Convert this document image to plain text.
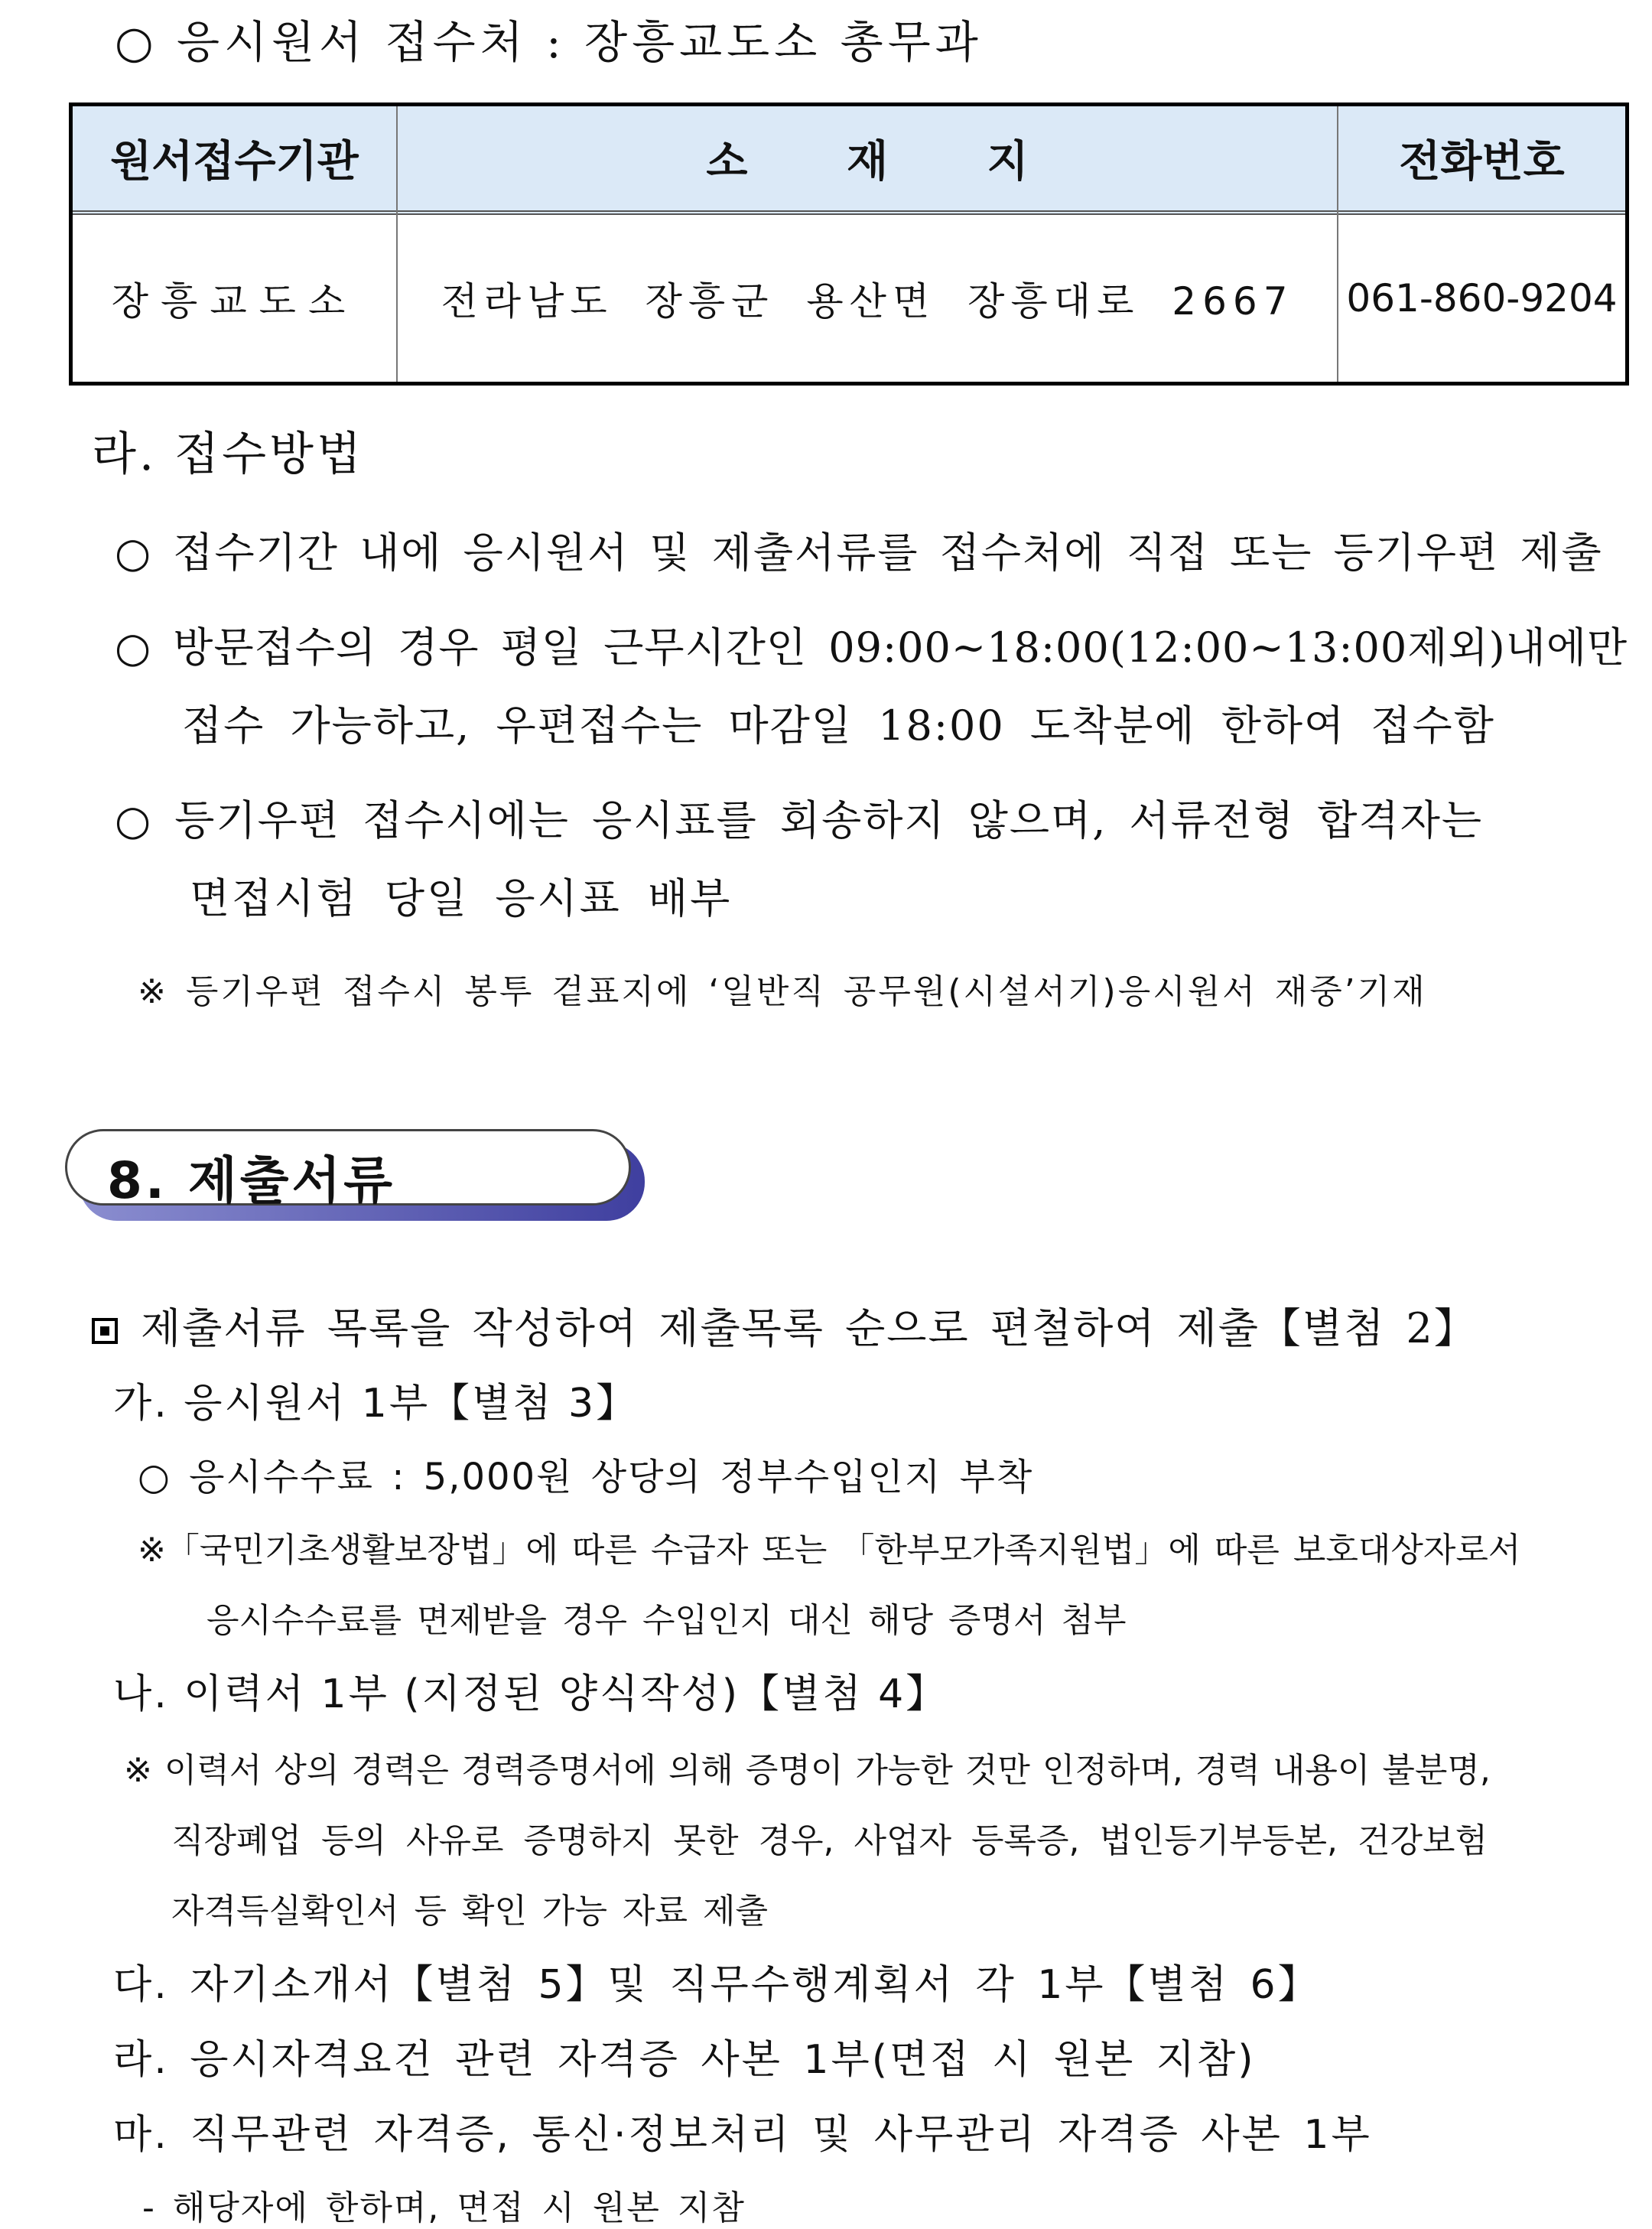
○ 응시원서 접수처 : 장흥교도소 총무과
원서접수기관	소 재 지	전화번호
장흥교도소	전라남도 장흥군 용산면 장흥대로 2667	061-860-9204
라. 접수방법
○ 접수기간 내에 응시원서 및 제출서류를 접수처에 직접 또는 등기우편 제출
○ 방문접수의 경우 평일 근무시간인 09:00~18:00(12:00~13:00제외)내에만
접수 가능하고, 우편접수는 마감일 18:00 도착분에 한하여 접수함
○ 등기우편 접수시에는 응시표를 회송하지 않으며, 서류전형 합격자는
면접시험 당일 응시표 배부
※ 등기우편 접수시 봉투 겉표지에 ‘일반직 공무원(시설서기)응시원서 재중’기재
8. 제출서류
제출서류 목록을 작성하여 제출목록 순으로 편철하여 제출【별첨 2】
가. 응시원서 1부【별첨 3】
○ 응시수수료 : 5,000원 상당의 정부수입인지 부착
※「국민기초생활보장법」에 따른 수급자 또는 「한부모가족지원법」에 따른 보호대상자로서
응시수수료를 면제받을 경우 수입인지 대신 해당 증명서 첨부
나. 이력서 1부 (지정된 양식작성)【별첨 4】
※ 이력서 상의 경력은 경력증명서에 의해 증명이 가능한 것만 인정하며, 경력 내용이 불분명,
직장폐업 등의 사유로 증명하지 못한 경우, 사업자 등록증, 법인등기부등본, 건강보험
자격득실확인서 등 확인 가능 자료 제출
다. 자기소개서【별첨 5】및 직무수행계획서 각 1부【별첨 6】
라. 응시자격요건 관련 자격증 사본 1부(면접 시 원본 지참)
마. 직무관련 자격증, 통신·정보처리 및 사무관리 자격증 사본 1부
- 해당자에 한하며, 면접 시 원본 지참
